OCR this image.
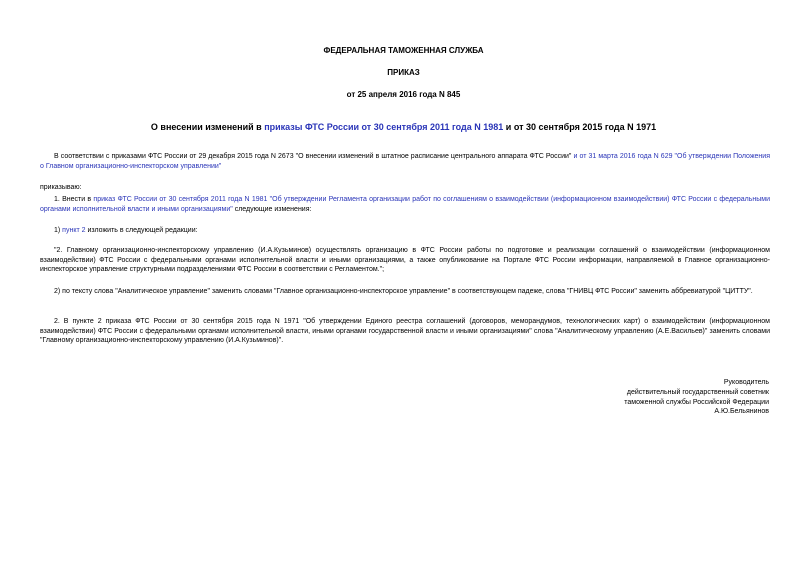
ФЕДЕРАЛЬНАЯ ТАМОЖЕННАЯ СЛУЖБА
ПРИКАЗ
от 25 апреля 2016 года N 845
О внесении изменений в приказы ФТС России от 30 сентября 2011 года N 1981 и от 30 сентября 2015 года N 1971
В соответствии с приказами ФТС России от 29 декабря 2015 года N 2673 "О внесении изменений в штатное расписание центрального аппарата ФТС России" и от 31 марта 2016 года N 629 "Об утверждении Положения о Главном организационно-инспекторском управлении"
приказываю:
1. Внести в приказ ФТС России от 30 сентября 2011 года N 1981 "Об утверждении Регламента организации работ по соглашениям о взаимодействии (информационном взаимодействии) ФТС России с федеральными органами исполнительной власти и иными организациями" следующие изменения:
1) пункт 2 изложить в следующей редакции:
"2. Главному организационно-инспекторскому управлению (И.А.Кузьминов) осуществлять организацию в ФТС России работы по подготовке и реализации соглашений о взаимодействии (информационном взаимодействии) ФТС России с федеральными органами исполнительной власти и иными организациями, а также опубликование на Портале ФТС России информации, направляемой в Главное организационно-инспекторское управление структурными подразделениями ФТС России в соответствии с Регламентом.";
2) по тексту слова "Аналитическое управление" заменить словами "Главное организационно-инспекторское управление" в соответствующем падеже, слова "ГНИВЦ ФТС России" заменить аббревиатурой "ЦИТТУ".
2. В пункте 2 приказа ФТС России от 30 сентября 2015 года N 1971 "Об утверждении Единого реестра соглашений (договоров, меморандумов, технологических карт) о взаимодействии (информационном взаимодействии) ФТС России с федеральными органами исполнительной власти, иными органами государственной власти и иными организациями" слова "Аналитическому управлению (А.Е.Васильев)" заменить словами "Главному организационно-инспекторскому управлению (И.А.Кузьминов)".
Руководитель
действительный государственный советник
таможенной службы Российской Федерации
А.Ю.Бельянинов
